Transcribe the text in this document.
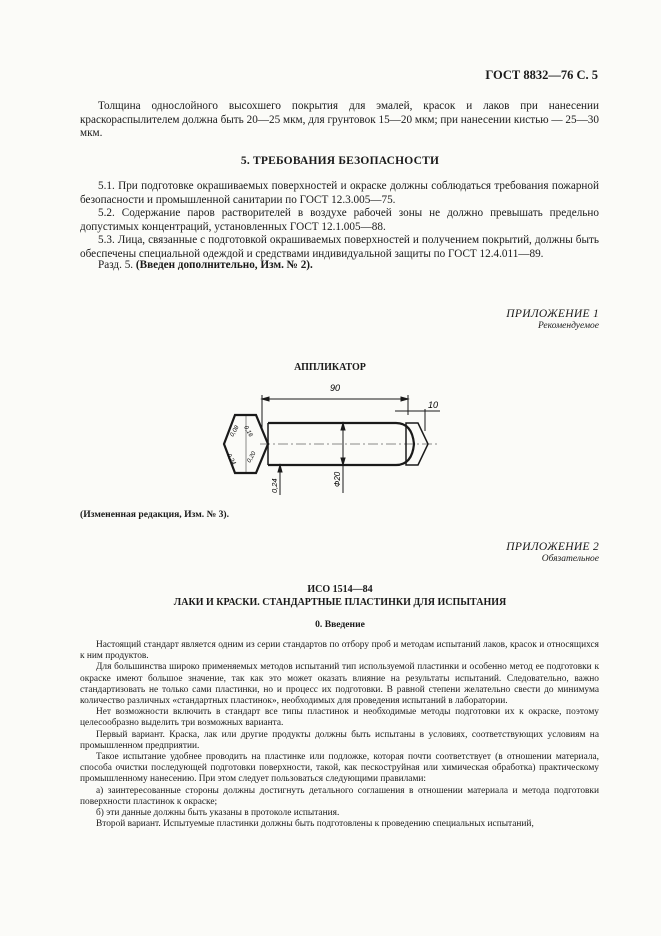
ГОСТ 8832—76 С. 5

Толщина однослойного высохшего покрытия для эмалей, красок и лаков при нанесении краскораспылителем должна быть 20—25 мкм, для грунтовок 15—20 мкм; при нанесении кистью — 25—30 мкм.

5. ТРЕБОВАНИЯ БЕЗОПАСНОСТИ

5.1. При подготовке окрашиваемых поверхностей и окраске должны соблюдаться требования пожарной безопасности и промышленной санитарии по ГОСТ 12.3.005—75.

5.2. Содержание паров растворителей в воздухе рабочей зоны не должно превышать предельно допустимых концентраций, установленных ГОСТ 12.1.005—88.

5.3. Лица, связанные с подготовкой окрашиваемых поверхностей и получением покрытий, должны быть обеспечены специальной одеждой и средствами индивидуальной защиты по ГОСТ 12.4.011—89.

Разд. 5. (Введен дополнительно, Изм. № 2).

ПРИЛОЖЕНИЕ 1
Рекомендуемое
АППЛИКАТОР
90
10
Ф20
0,24
0,08 0,16
0,24 0,20
(Измененная редакция, Изм. № 3).
ПРИЛОЖЕНИЕ 2
Обязательное
ИСО 1514—84
ЛАКИ И КРАСКИ. СТАНДАРТНЫЕ ПЛАСТИНКИ ДЛЯ ИСПЫТАНИЯ
0. Введение

Настоящий стандарт является одним из серии стандартов по отбору проб и методам испытаний лаков, красок и относящихся к ним продуктов.

Для большинства широко применяемых методов испытаний тип используемой пластинки и особенно метод ее подготовки к окраске имеют большое значение, так как это может оказать влияние на результаты испытаний. Следовательно, важно стандартизовать не только сами пластинки, но и процесс их подготовки. В равной степени желательно свести до минимума количество различных «стандартных пластинок», необходимых для проведения испытаний в лаборатории.

Нет возможности включить в стандарт все типы пластинок и необходимые методы подготовки их к окраске, поэтому целесообразно выделить три возможных варианта.

Первый вариант. Краска, лак или другие продукты должны быть испытаны в условиях, соответствующих условиям на промышленном предприятии.

Такое испытание удобнее проводить на пластинке или подложке, которая почти соответствует (в отношении материала, способа очистки последующей подготовки поверхности, такой, как пескоструйная или химическая обработка) практическому промышленному нанесению. При этом следует пользоваться следующими правилами:

а) заинтересованные стороны должны достигнуть детального соглашения в отношении материала и метода подготовки поверхности пластинок к окраске;

б) эти данные должны быть указаны в протоколе испытания.

Второй вариант. Испытуемые пластинки должны быть подготовлены к проведению специальных испытаний,
